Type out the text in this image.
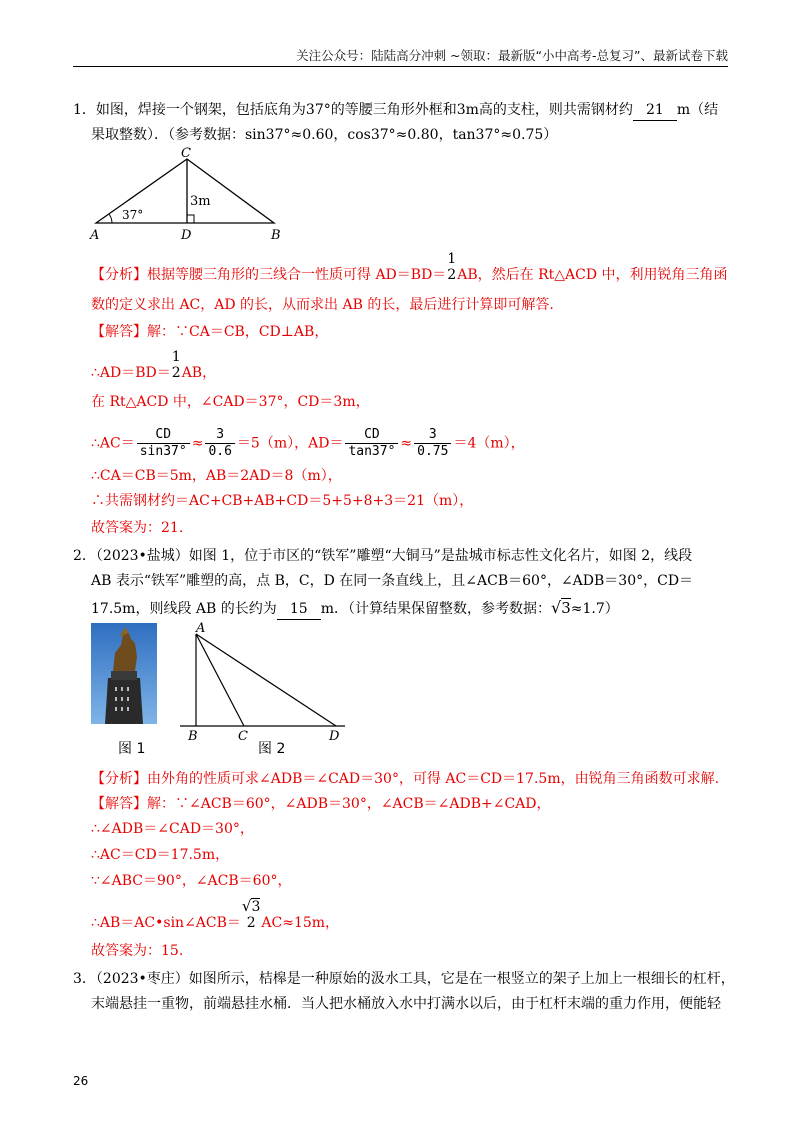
关注公众号：陆陆高分冲刺 ~领取：最新版“小中高考-总复习”、最新试卷下载
1．如图，焊接一个钢架，包括底角为37°的等腰三角形外框和3m高的支柱，则共需钢材约 21 m（结
果取整数）．（参考数据：sin37°≈0.60，cos37°≈0.80，tan37°≈0.75）
C
A	D	B
3m
37°
【分析】根据等腰三角形的三线合一性质可得 AD＝BD＝
1
2 AB，然后在 Rt△ACD 中，利用锐角三角函
数的定义求出 AC，AD 的长，从而求出 AB 的长，最后进行计算即可解答.
【解答】解：∵CA＝CB，CD⊥AB，
∴AD＝BD＝
1
2 AB，
在 Rt△ACD 中，∠CAD＝37°，CD＝3m，
∴AC＝ $\frac{CD}{\sin 37^\circ} \approx \frac{3}{0.6} =5(m)$，$AD= \frac{CD}{\tan 37^\circ} \approx \frac{3}{0.75} =4(m)$，
∴CA＝CB＝5m，AB＝2AD＝8（m），
∴共需钢材约＝AC+CB+AB+CD＝5+5+8+3＝21（m），
故答案为：21.
2．（2023•盐城）如图 1，位于市区的“铁军”雕塑“大铜马”是盐城市标志性文化名片，如图 2，线段
AB 表示“铁军”雕塑的高，点 B，C，D 在同一条直线上，且∠ACB＝60°，∠ADB＝30°，CD＝
17.5m，则线段 AB 的长约为 15 m．（计算结果保留整数，参考数据：√3≈1.7）
图 1
A
B	C	D
图 2
【分析】由外角的性质可求∠ADB＝∠CAD＝30°，可得 AC＝CD＝17.5m，由锐角三角函数可求解.
【解答】解：∵∠ACB＝60°，∠ADB＝30°，∠ACB＝∠ADB+∠CAD，
∴∠ADB＝∠CAD＝30°，
∴AC＝CD＝17.5m，
∵∠ABC＝90°，∠ACB＝60°，
∴AB＝AC•sin∠ACB＝
√3
2 AC≈15m，
故答案为：15.
3．（2023•枣庄）如图所示，桔槔是一种原始的汲水工具，它是在一根竖立的架子上加上一根细长的杠杆，
末端悬挂一重物，前端悬挂水桶．当人把水桶放入水中打满水以后，由于杠杆末端的重力作用，便能轻
26
